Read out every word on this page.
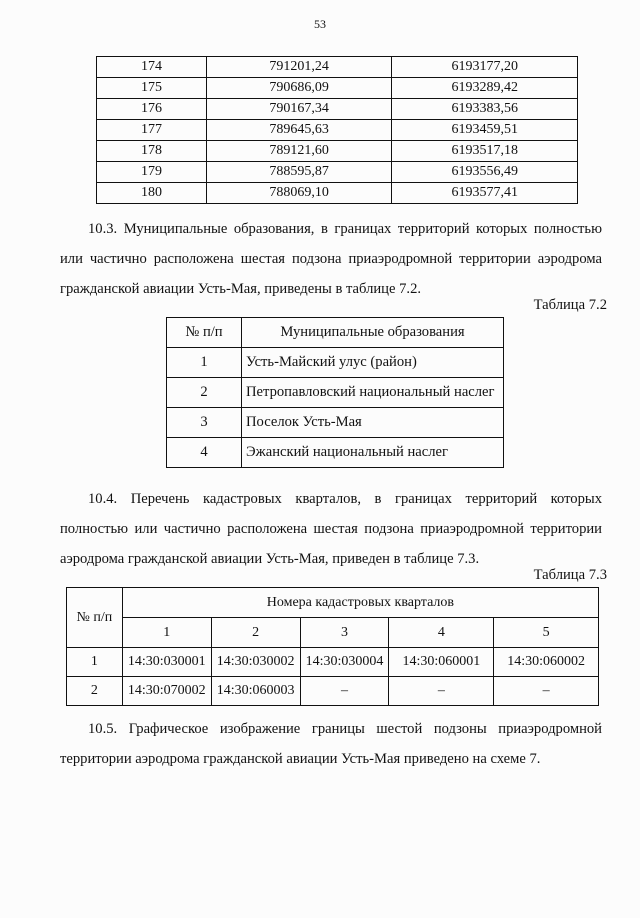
53
174	791201,24	6193177,20
175	790686,09	6193289,42
176	790167,34	6193383,56
177	789645,63	6193459,51
178	789121,60	6193517,18
179	788595,87	6193556,49
180	788069,10	6193577,41
10.3. Муниципальные образования, в границах территорий которых полностью или частично расположена шестая подзона приаэродромной территории аэродрома гражданской авиации Усть-Мая, приведены в таблице 7.2.
Таблица 7.2
№ п/п	Муниципальные образования
1	Усть-Майский улус (район)
2	Петропавловский национальный наслег
3	Поселок Усть-Мая
4	Эжанский национальный наслег
10.4. Перечень кадастровых кварталов, в границах территорий которых полностью или частично расположена шестая подзона приаэродромной территории аэродрома гражданской авиации Усть-Мая, приведен в таблице 7.3.
Таблица 7.3
№ п/п	Номера кадастровых кварталов				
	1	2	3	4	5
1	14:30:030001	14:30:030002	14:30:030004	14:30:060001	14:30:060002
2	14:30:070002	14:30:060003	–	–	–
10.5. Графическое изображение границы шестой подзоны приаэродромной территории аэродрома гражданской авиации Усть-Мая приведено на схеме 7.
